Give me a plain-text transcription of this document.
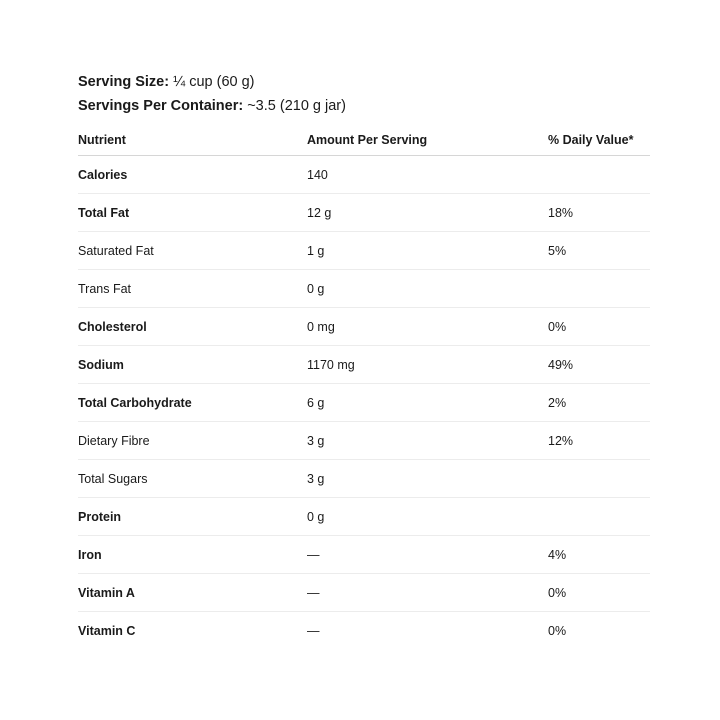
Serving Size: ¼ cup (60 g)
Servings Per Container: ~3.5 (210 g jar)
Nutrient	Amount Per Serving	% Daily Value*
Calories	140	
Total Fat	12 g	18%
Saturated Fat	1 g	5%
Trans Fat	0 g	
Cholesterol	0 mg	0%
Sodium	1170 mg	49%
Total Carbohydrate	6 g	2%
Dietary Fibre	3 g	12%
Total Sugars	3 g	
Protein	0 g	
Iron	—	4%
Vitamin A	—	0%
Vitamin C	—	0%
